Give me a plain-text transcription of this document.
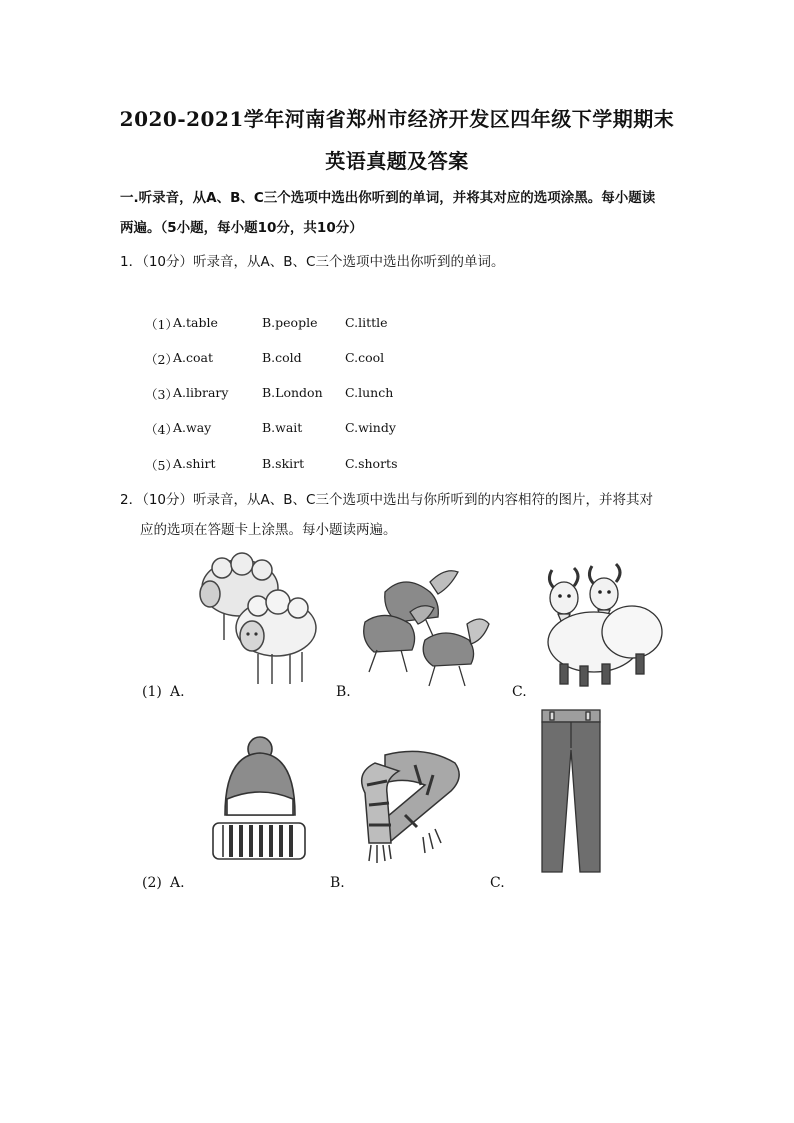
2020-2021学年河南省郑州市经济开发区四年级下学期期末
英语真题及答案
一.听录音，从A、B、C三个选项中选出你听到的单词，并将其对应的选项涂黑。每小题读
两遍。（5小题，每小题10分，共10分）
1．（10分）听录音，从A、B、C三个选项中选出你听到的单词。
（1）
A.table	B.people C.little
（2）
A.coat	B.cold	C.cool
（3）
A.library	B.London C.lunch
（4）
A.way	B.wait	C.windy
（5）
A.shirt	B.skirt	C.shorts
2．（10分）听录音，从A、B、C三个选项中选出与你所听到的内容相符的图片，并将其对
应的选项在答题卡上涂黑。每小题读两遍。
(1) A.	B.	C.
(2) A.	B.	C.
